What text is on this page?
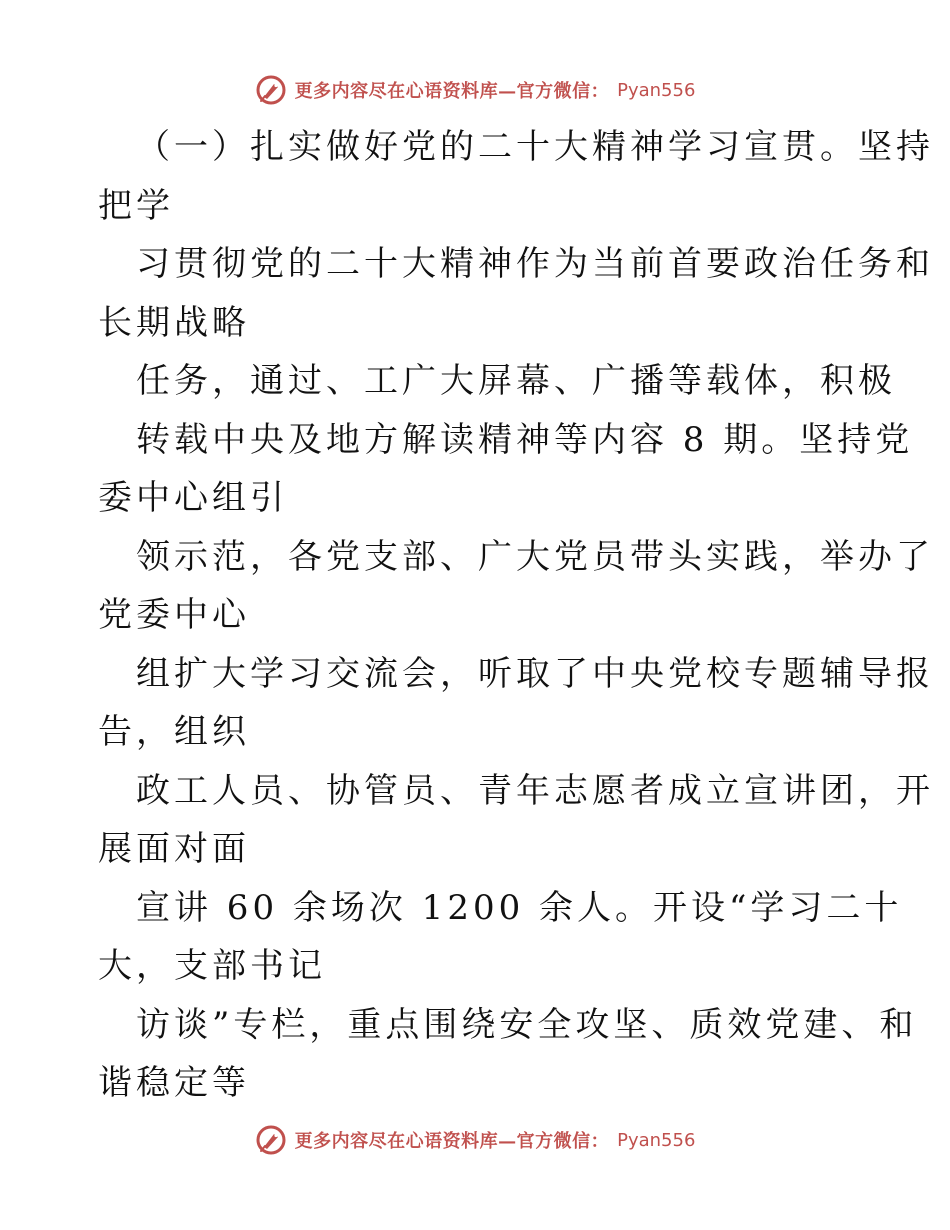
更多内容尽在心语资料库—官方微信： Pyan556
（一）扎实做好党的二十大精神学习宣贯。坚持
把学
习贯彻党的二十大精神作为当前首要政治任务和
长期战略
任务，通过、工广大屏幕、广播等载体，积极
转载中央及地方解读精神等内容 8 期。坚持党
委中心组引
领示范，各党支部、广大党员带头实践，举办了
党委中心
组扩大学习交流会，听取了中央党校专题辅导报
告，组织
政工人员、协管员、青年志愿者成立宣讲团，开
展面对面
宣讲 60 余场次 1200 余人。开设“学习二十
大，支部书记
访谈”专栏，重点围绕安全攻坚、质效党建、和
谐稳定等
更多内容尽在心语资料库—官方微信： Pyan556
